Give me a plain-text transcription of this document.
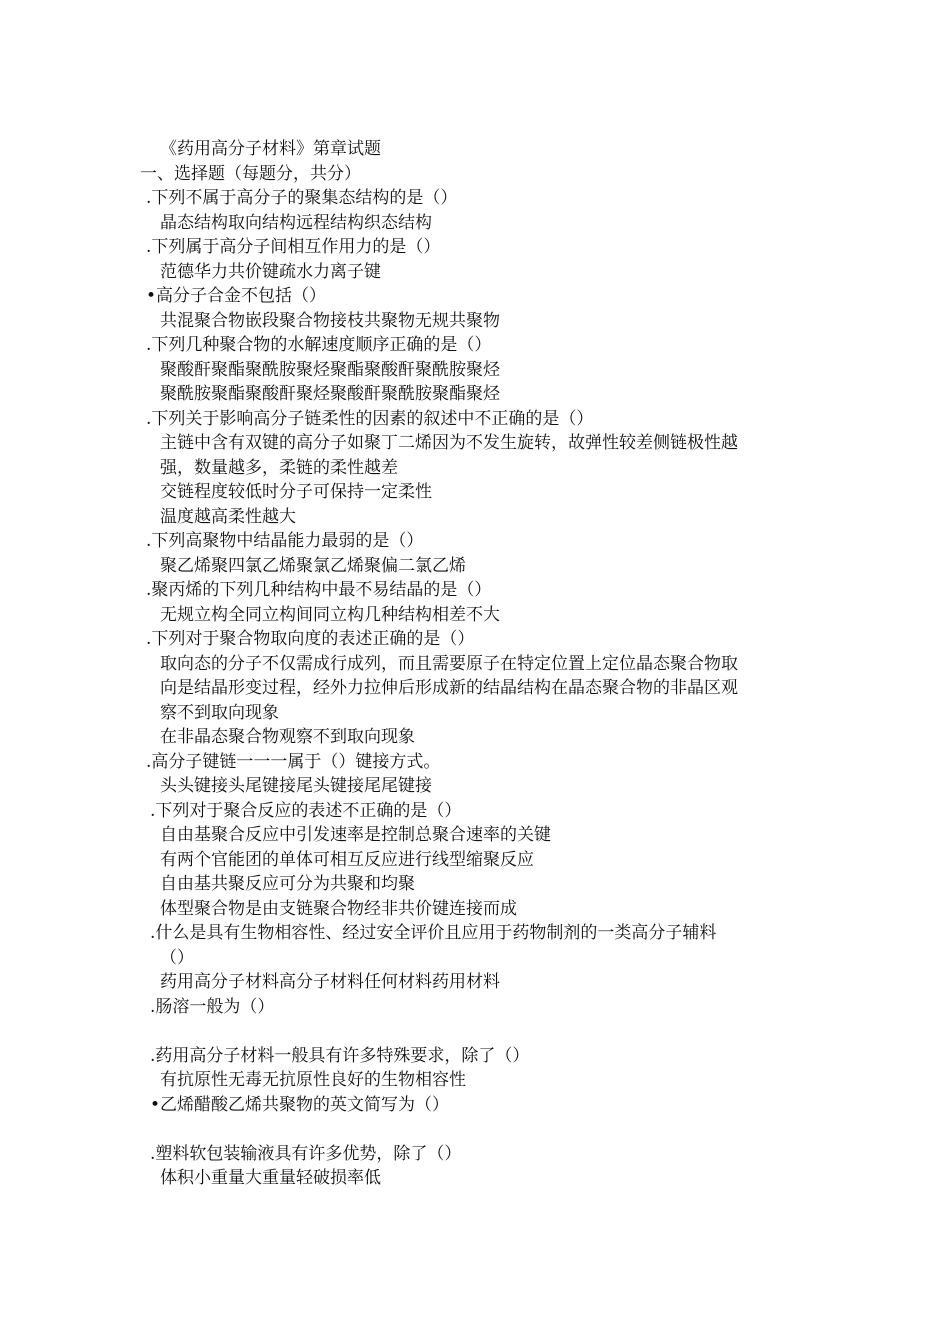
《药用高分子材料》第章试题
一、选择题（每题分，共分）
.下列不属于高分子的聚集态结构的是（）
晶态结构取向结构远程结构织态结构
.下列属于高分子间相互作用力的是（）
范德华力共价键疏水力离子键
•高分子合金不包括（）
共混聚合物嵌段聚合物接枝共聚物无规共聚物
.下列几种聚合物的水解速度顺序正确的是（）
聚酸酐聚酯聚酰胺聚烃聚酯聚酸酐聚酰胺聚烃
聚酰胺聚酯聚酸酐聚烃聚酸酐聚酰胺聚酯聚烃
.下列关于影响高分子链柔性的因素的叙述中不正确的是（）
主链中含有双键的高分子如聚丁二烯因为不发生旋转，故弹性较差侧链极性越
强，数量越多，柔链的柔性越差
交链程度较低时分子可保持一定柔性
温度越高柔性越大
.下列高聚物中结晶能力最弱的是（）
聚乙烯聚四氯乙烯聚氯乙烯聚偏二氯乙烯
.聚丙烯的下列几种结构中最不易结晶的是（）
无规立构全同立构间同立构几种结构相差不大
.下列对于聚合物取向度的表述正确的是（）
取向态的分子不仅需成行成列，而且需要原子在特定位置上定位晶态聚合物取
向是结晶形变过程，经外力拉伸后形成新的结晶结构在晶态聚合物的非晶区观
察不到取向现象
在非晶态聚合物观察不到取向现象
.高分子键链一一一属于（）键接方式。
头头键接头尾键接尾头键接尾尾键接
.下列对于聚合反应的表述不正确的是（）
自由基聚合反应中引发速率是控制总聚合速率的关键
有两个官能团的单体可相互反应进行线型缩聚反应
自由基共聚反应可分为共聚和均聚
体型聚合物是由支链聚合物经非共价键连接而成
.什么是具有生物相容性、经过安全评价且应用于药物制剂的一类高分子辅料
（）
药用高分子材料高分子材料任何材料药用材料
.肠溶一般为（）
.药用高分子材料一般具有许多特殊要求，除了（）
有抗原性无毒无抗原性良好的生物相容性
•乙烯醋酸乙烯共聚物的英文简写为（）
.塑料软包装输液具有许多优势，除了（）
体积小重量大重量轻破损率低
